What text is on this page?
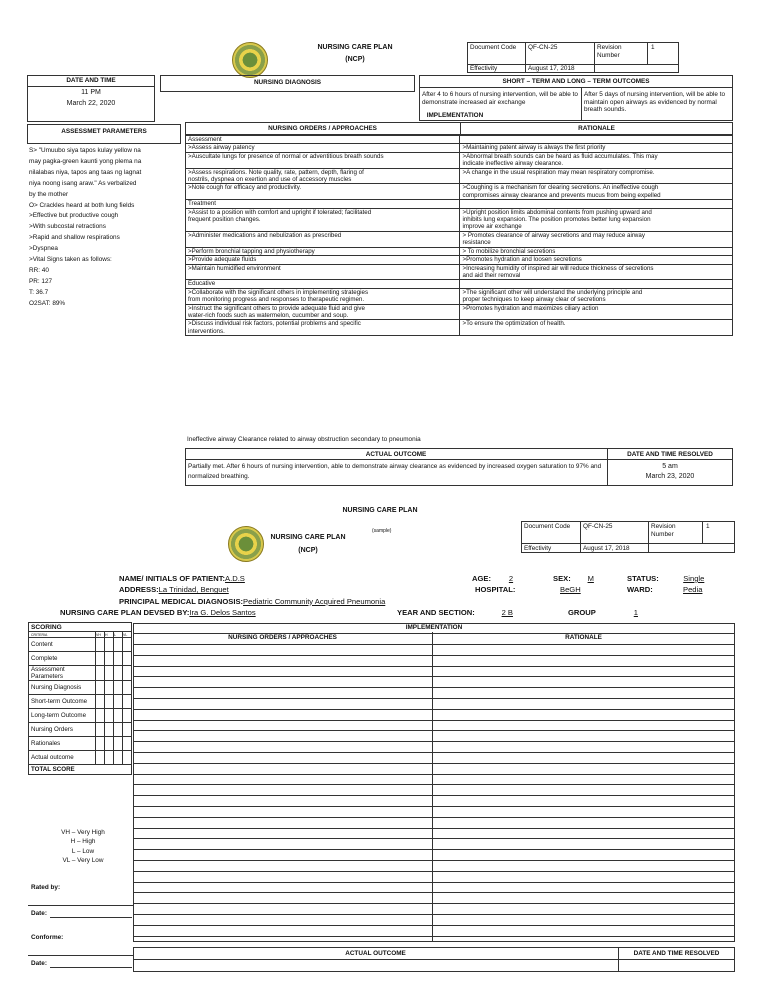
NURSING CARE PLAN
(NCP)
Document Code	QF-CN-25	Revision Number
1
Effectivity	August 17, 2018
DATE AND TIME
11 PM
March 22, 2020
NURSING DIAGNOSIS	SHORT – TERM AND LONG – TERM OUTCOMES
After 4 to 6 hours of nursing intervention, will be able to demonstrate increased air exchange
After 5 days of nursing intervention, will be able to maintain open airways as evidenced by normal breath sounds.
IMPLEMENTATION
ASSESSMET PARAMETERS
S> "Umuubo siya tapos kulay yellow na
may pagka-green kaunti yong plema na
nilalabas niya, tapos ang taas ng lagnat
niya noong isang araw." As verbalized
by the mother
O> Crackles heard at both lung fields
>Effective but productive cough
>With subcostal retractions
>Rapid and shallow respirations
>Dyspnea
>Vital Signs taken as follows:
RR: 40
PR: 127
T: 36.7
O2SAT: 89%
NURSING ORDERS / APPROACHES	RATIONALE
Assessment	
>Assess airway patency	>Maintaining patent airway is always the first priority
>Auscultate lungs for presence of normal or adventitious breath sounds	>Abnormal breath sounds can be heard as fluid accumulates. This may
	indicate ineffective airway clearance.
>Assess respirations. Note quality, rate, pattern, depth, flaring of	>A change in the usual respiration may mean respiratory compromise.
nostrils, dyspnea on exertion and use of accessory muscles	
>Note cough for efficacy and productivity.	>Coughing is a mechanism for clearing secretions. An ineffective cough
	compromises airway clearance and prevents mucus from being expelled
Treatment	
>Assist to a position with comfort and upright if tolerated; facilitated	>Upright position limits abdominal contents from pushing upward and
frequent position changes.	inhibits lung expansion. The position promotes better lung expansion
	improve air exchange
>Administer medications and nebulization as prescribed	> Promotes clearance of airway secretions and may reduce airway
	resistance

>Perform bronchial tapping and physiotherapy	> To mobilize bronchial secretions
>Provide adequate fluids	>Promotes hydration and loosen secretions
>Maintain humidified environment	>Increasing humidity of inspired air will reduce thickness of secretions
	and aid their removal

Educative	
>Collaborate with the significant others in implementing strategies	>The significant other will understand the underlying principle and
from monitoring progress and responses to therapeutic regimen.	proper techniques to keep airway clear of secretions
>Instruct the significant others to provide adequate fluid and give	>Promotes hydration and maximizes ciliary action
water-rich foods such as watermelon, cucumber and soup.	
>Discuss individual risk factors, potential problems and specific	>To ensure the optimization of health.
interventions.	

Ineffective airway Clearance related to airway obstruction secondary to pneumonia
ACTUAL OUTCOME	DATE AND TIME RESOLVED
Partially met. After 6 hours of nursing intervention, able to demonstrate airway clearance as evidenced by increased oxygen saturation to 97% and normalized breathing.
5 am
March 23, 2020
NURSING CARE PLAN
(sample)
NURSING CARE PLAN
(NCP)
Document Code	QF-CN-25	Revision Number
1
Effectivity	August 17, 2018
NAME/ INITIALS OF PATIENT:A.D.S	AGE: 2	SEX: M	STATUS:	Single
ADDRESS:La Trinidad, Benguet	HOSPITAL:	BeGH	WARD:	Pedia
PRINCIPAL MEDICAL DIAGNOSIS:Pediatric Community Acquired Pneumonia
NURSING CARE PLAN DEVSED BY:Ira G. Delos Santos	YEAR AND SECTION:	2 B	GROUP	1
SCORING				
CRITERIA	VH	H	L	VL
Content				
Complete				
Assessment Parameters				
Nursing Diagnosis				
Short-term Outcome				
Long-term Outcome				
Nursing Orders				
Rationales				
Actual outcome				
TOTAL SCORE				
VH – Very High
H – High
L – Low
VL – Very Low
Rated by:
Date:
Conforme:
Date:
IMPLEMENTATION
NURSING ORDERS / APPROACHES	RATIONALE
ACTUAL OUTCOME	DATE AND TIME RESOLVED
